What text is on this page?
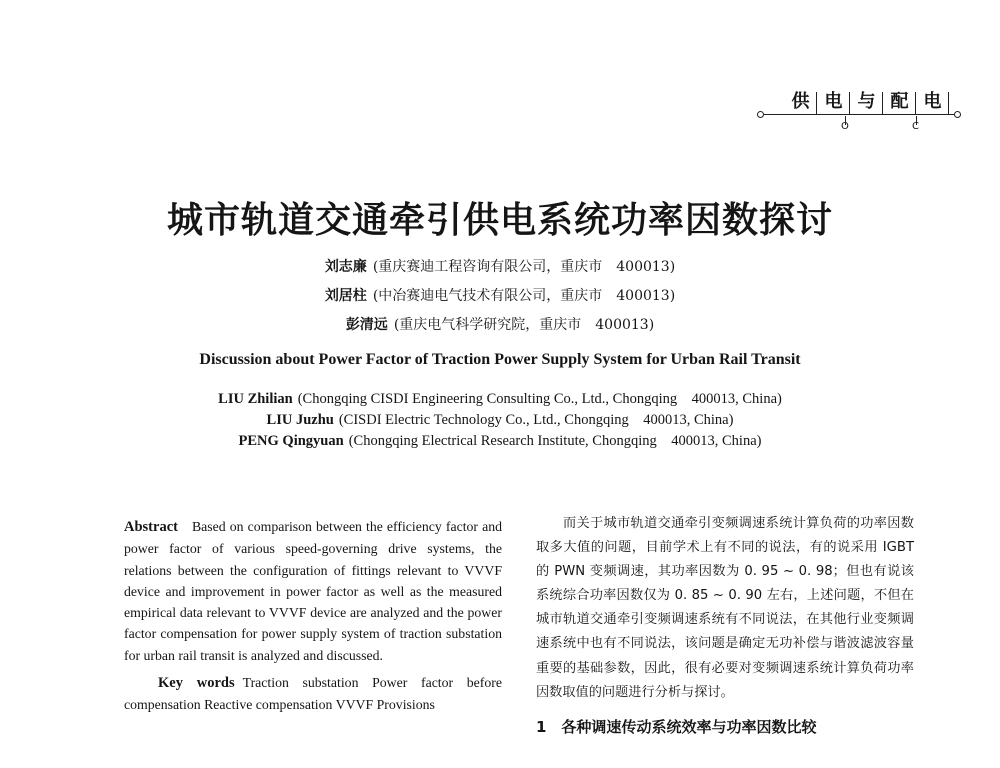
O	C
供 电 与 配 电
城市轨道交通牵引供电系统功率因数探讨
刘志廉 (重庆赛迪工程咨询有限公司，重庆市　400013)
刘居柱 (中冶赛迪电气技术有限公司，重庆市　400013)
彭清远 (重庆电气科学研究院，重庆市　400013)
Discussion about Power Factor of Traction Power Supply System for Urban Rail Transit
LIU Zhilian (Chongqing CISDI Engineering Consulting Co., Ltd., Chongqing　400013, China)
LIU Juzhu (CISDI Electric Technology Co., Ltd., Chongqing　400013, China)
PENG Qingyuan (Chongqing Electrical Research Institute, Chongqing　400013, China)

Abstract Based on comparison between the efficiency factor and power factor of various speed-governing drive systems, the relations between the configuration of fittings relevant to VVVF device and improvement in power factor as well as the measured empirical data relevant to VVVF device are analyzed and the power factor compensation for power supply system of traction substation for urban rail transit is analyzed and discussed.

Key words Traction substation Power factor before compensation Reactive compensation VVVF Provisions

而关于城市轨道交通牵引变频调速系统计算负荷的功率因数取多大值的问题，目前学术上有不同的说法，有的说采用 IGBT 的 PWN 变频调速，其功率因数为 0. 95 ~ 0. 98；但也有说该系统综合功率因数仅为 0. 85 ~ 0. 90 左右，上述问题，不但在城市轨道交通牵引变频调速系统有不同说法，在其他行业变频调速系统中也有不同说法，该问题是确定无功补偿与谐波滤波容量重要的基础参数，因此，很有必要对变频调速系统计算负荷功率因数取值的问题进行分析与探讨。

1　各种调速传动系统效率与功率因数比较
